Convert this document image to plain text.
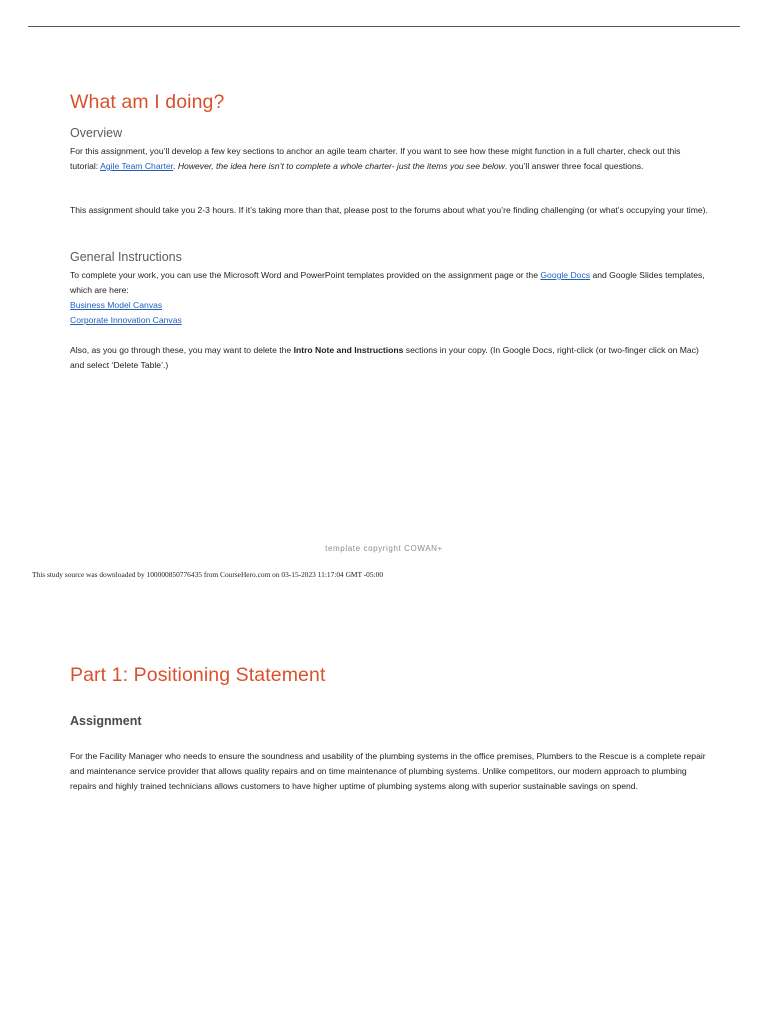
What am I doing?
Overview

For this assignment, you’ll develop a few key sections to anchor an agile team charter. If you want to see how these might function in a full charter, check out this tutorial: Agile Team Charter. However, the idea here isn’t to complete a whole charter- just the items you see below. you’ll answer three focal questions.

This assignment should take you 2-3 hours. If it’s taking more than that, please post to the forums about what you’re finding challenging (or what’s occupying your time).

General Instructions

To complete your work, you can use the Microsoft Word and PowerPoint templates provided on the assignment page or the Google Docs and Google Slides templates, which are here:

Business Model Canvas
Corporate Innovation Canvas

Also, as you go through these, you may want to delete the Intro Note and Instructions sections in your copy. (In Google Docs, right-click (or two-finger click on Mac) and select ‘Delete Table’.)

template copyright COWAN+
This study source was downloaded by 100000850776435 from CourseHero.com on 03-15-2023 11:17:04 GMT -05:00
Part 1: Positioning Statement
Assignment

For the Facility Manager who needs to ensure the soundness and usability of the plumbing systems in the office premises, Plumbers to the Rescue is a complete repair and maintenance service provider that allows quality repairs and on time maintenance of plumbing systems. Unlike competitors, our modern approach to plumbing repairs and highly trained technicians allows customers to have higher uptime of plumbing systems along with superior sustainable savings on spend.
